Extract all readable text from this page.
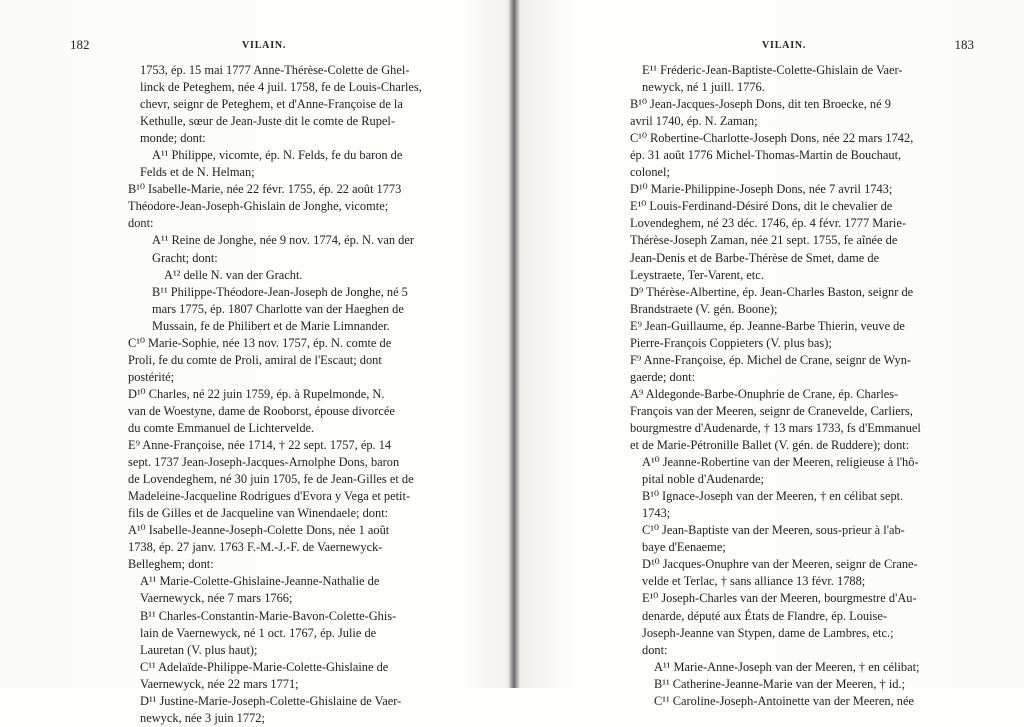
182	VILAIN.
1753, ép. 15 mai 1777 Anne-Thérèse-Colette de Ghel-
linck de Peteghem, née 4 juil. 1758, fe de Louis-Charles,
chevr, seignr de Peteghem, et d'Anne-Françoise de la
Kethulle, sœur de Jean-Juste dit le comte de Rupel-
monde; dont:
A¹¹ Philippe, vicomte, ép. N. Felds, fe du baron de
Felds et de N. Helman;
B¹⁰ Isabelle-Marie, née 22 févr. 1755, ép. 22 août 1773
Théodore-Jean-Joseph-Ghislain de Jonghe, vicomte;
dont:
A¹¹ Reine de Jonghe, née 9 nov. 1774, ép. N. van der
Gracht; dont:
A¹² delle N. van der Gracht.
B¹¹ Philippe-Théodore-Jean-Joseph de Jonghe, né 5
mars 1775, ép. 1807 Charlotte van der Haeghen de
Mussain, fe de Philibert et de Marie Limnander.
C¹⁰ Marie-Sophie, née 13 nov. 1757, ép. N. comte de
Proli, fe du comte de Proli, amiral de l'Escaut; dont
postérité;
D¹⁰ Charles, né 22 juin 1759, ép. à Rupelmonde, N.
van de Woestyne, dame de Rooborst, épouse divorcée
du comte Emmanuel de Lichtervelde.
E⁹ Anne-Françoise, née 1714, † 22 sept. 1757, ép. 14
sept. 1737 Jean-Joseph-Jacques-Arnolphe Dons, baron
de Lovendeghem, né 30 juin 1705, fe de Jean-Gilles et de
Madeleine-Jacqueline Rodrigues d'Evora y Vega et petit-
fils de Gilles et de Jacqueline van Winendaele; dont:
A¹⁰ Isabelle-Jeanne-Joseph-Colette Dons, née 1 août
1738, ép. 27 janv. 1763 F.-M.-J.-F. de Vaernewyck-
Belleghem; dont:
A¹¹ Marie-Colette-Ghislaine-Jeanne-Nathalie de
Vaernewyck, née 7 mars 1766;
B¹¹ Charles-Constantin-Marie-Bavon-Colette-Ghis-
lain de Vaernewyck, né 1 oct. 1767, ép. Julie de
Lauretan (V. plus haut);
C¹¹ Adelaïde-Philippe-Marie-Colette-Ghislaine de
Vaernewyck, née 22 mars 1771;
D¹¹ Justine-Marie-Joseph-Colette-Ghislaine de Vaer-
newyck, née 3 juin 1772;
183
VILAIN.
E¹¹ Fréderic-Jean-Baptiste-Colette-Ghislain de Vaer-
newyck, né 1 juill. 1776.
B¹⁰ Jean-Jacques-Joseph Dons, dit ten Broecke, né 9
avril 1740, ép. N. Zaman;
C¹⁰ Robertine-Charlotte-Joseph Dons, née 22 mars 1742,
ép. 31 août 1776 Michel-Thomas-Martin de Bouchaut,
colonel;
D¹⁰ Marie-Philippine-Joseph Dons, née 7 avril 1743;
E¹⁰ Louis-Ferdinand-Désiré Dons, dit le chevalier de
Lovendeghem, né 23 déc. 1746, ép. 4 févr. 1777 Marie-
Thérèse-Joseph Zaman, née 21 sept. 1755, fe aînée de
Jean-Denis et de Barbe-Thérèse de Smet, dame de
Leystraete, Ter-Varent, etc.
D⁹ Thérèse-Albertine, ép. Jean-Charles Baston, seignr de
Brandstraete (V. gén. Boone);
E⁹ Jean-Guillaume, ép. Jeanne-Barbe Thierin, veuve de
Pierre-François Coppieters (V. plus bas);
F⁹ Anne-Françoise, ép. Michel de Crane, seignr de Wyn-
gaerde; dont:
A⁹ Aldegonde-Barbe-Onuphrie de Crane, ép. Charles-
François van der Meeren, seignr de Cranevelde, Carliers,
bourgmestre d'Audenarde, † 13 mars 1733, fs d'Emmanuel
et de Marie-Pétronille Ballet (V. gén. de Ruddere); dont:
A¹⁰ Jeanne-Robertine van der Meeren, religieuse à l'hô-
pital noble d'Audenarde;
B¹⁰ Ignace-Joseph van der Meeren, † en célibat sept.
1743;
C¹⁰ Jean-Baptiste van der Meeren, sous-prieur à l'ab-
baye d'Eenaeme;
D¹⁰ Jacques-Onuphre van der Meeren, seignr de Crane-
velde et Terlac, † sans alliance 13 févr. 1788;
E¹⁰ Joseph-Charles van der Meeren, bourgmestre d'Au-
denarde, député aux États de Flandre, ép. Louise-
Joseph-Jeanne van Stypen, dame de Lambres, etc.;
dont:
A¹¹ Marie-Anne-Joseph van der Meeren, † en célibat;
B¹¹ Catherine-Jeanne-Marie van der Meeren, † id.;
C¹¹ Caroline-Joseph-Antoinette van der Meeren, née
